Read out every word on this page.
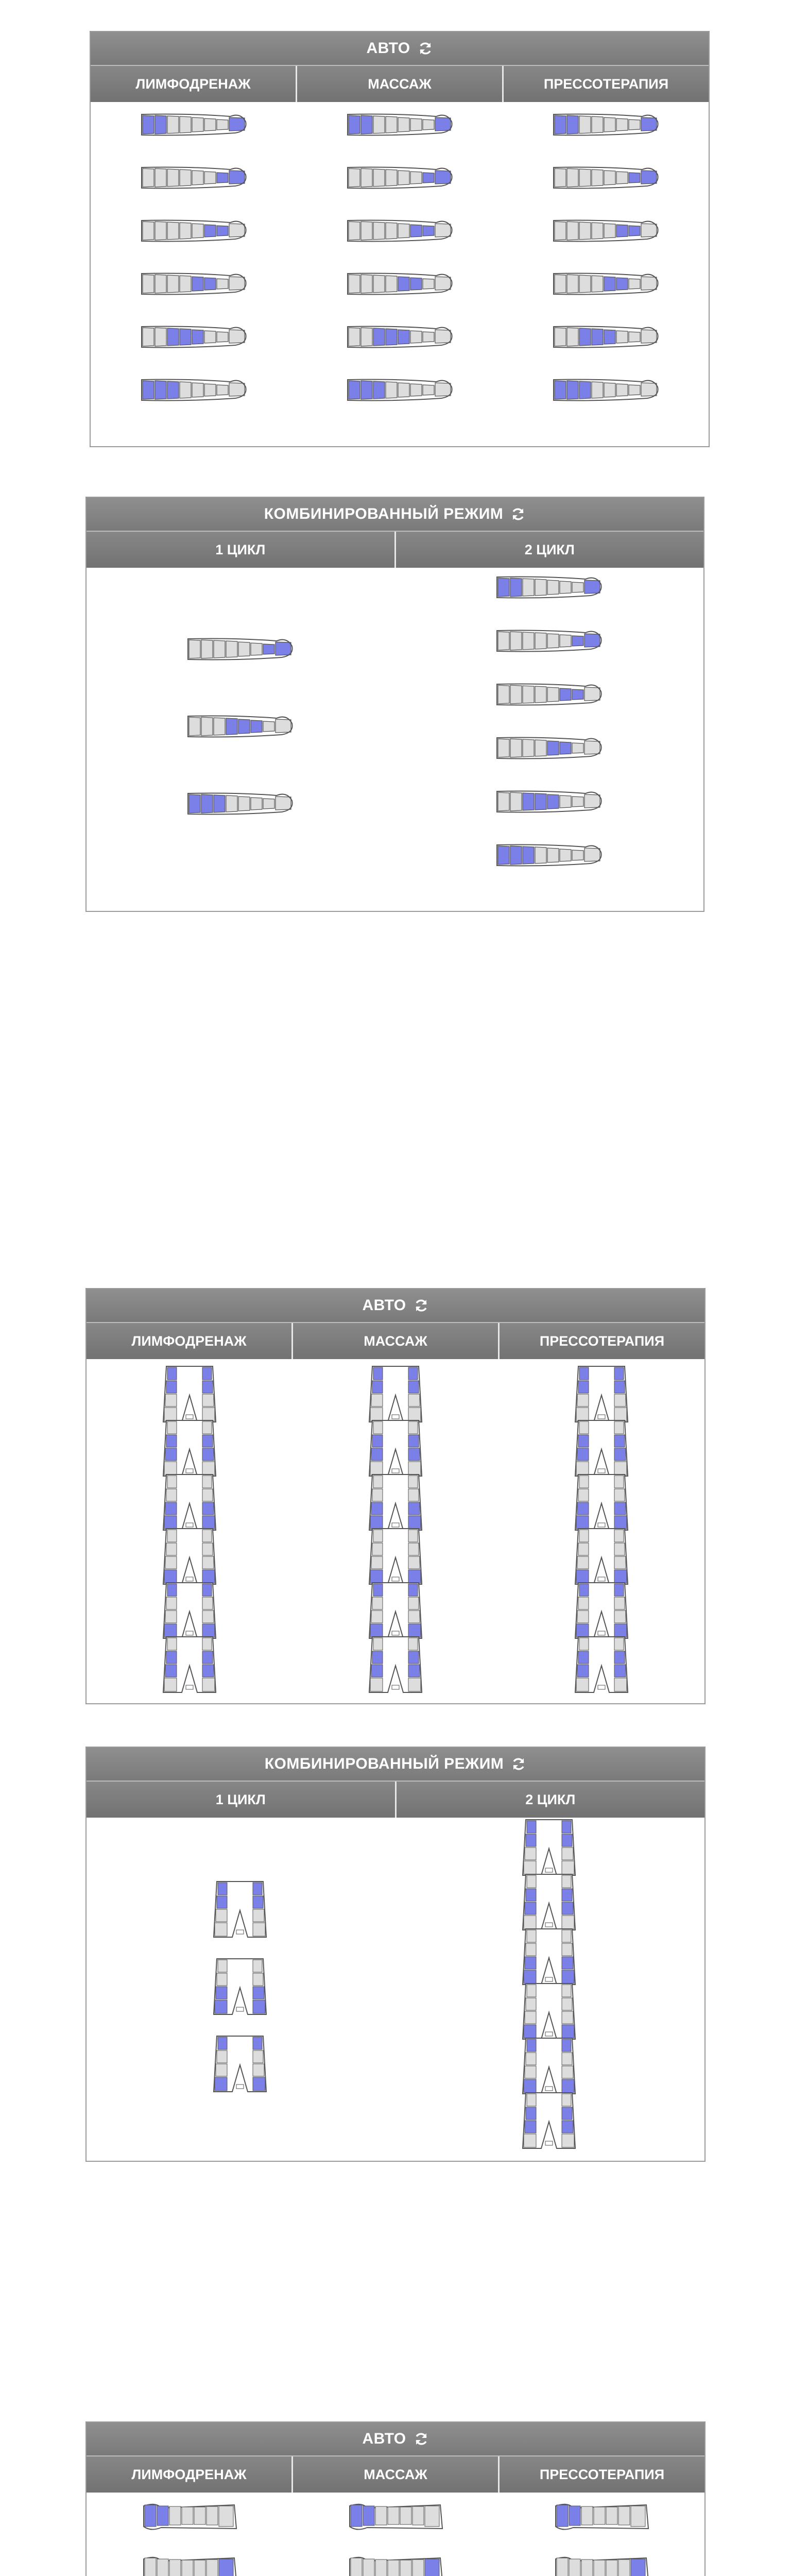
АВТО
ЛИМФОДРЕНАЖ	МАССАЖ	ПРЕССОТЕРАПИЯ
КОМБИНИРОВАННЫЙ РЕЖИМ
1 ЦИКЛ	2 ЦИКЛ
АВТО
ЛИМФОДРЕНАЖ	МАССАЖ	ПРЕССОТЕРАПИЯ
КОМБИНИРОВАННЫЙ РЕЖИМ
1 ЦИКЛ	2 ЦИКЛ
АВТО
ЛИМФОДРЕНАЖ	МАССАЖ	ПРЕССОТЕРАПИЯ
